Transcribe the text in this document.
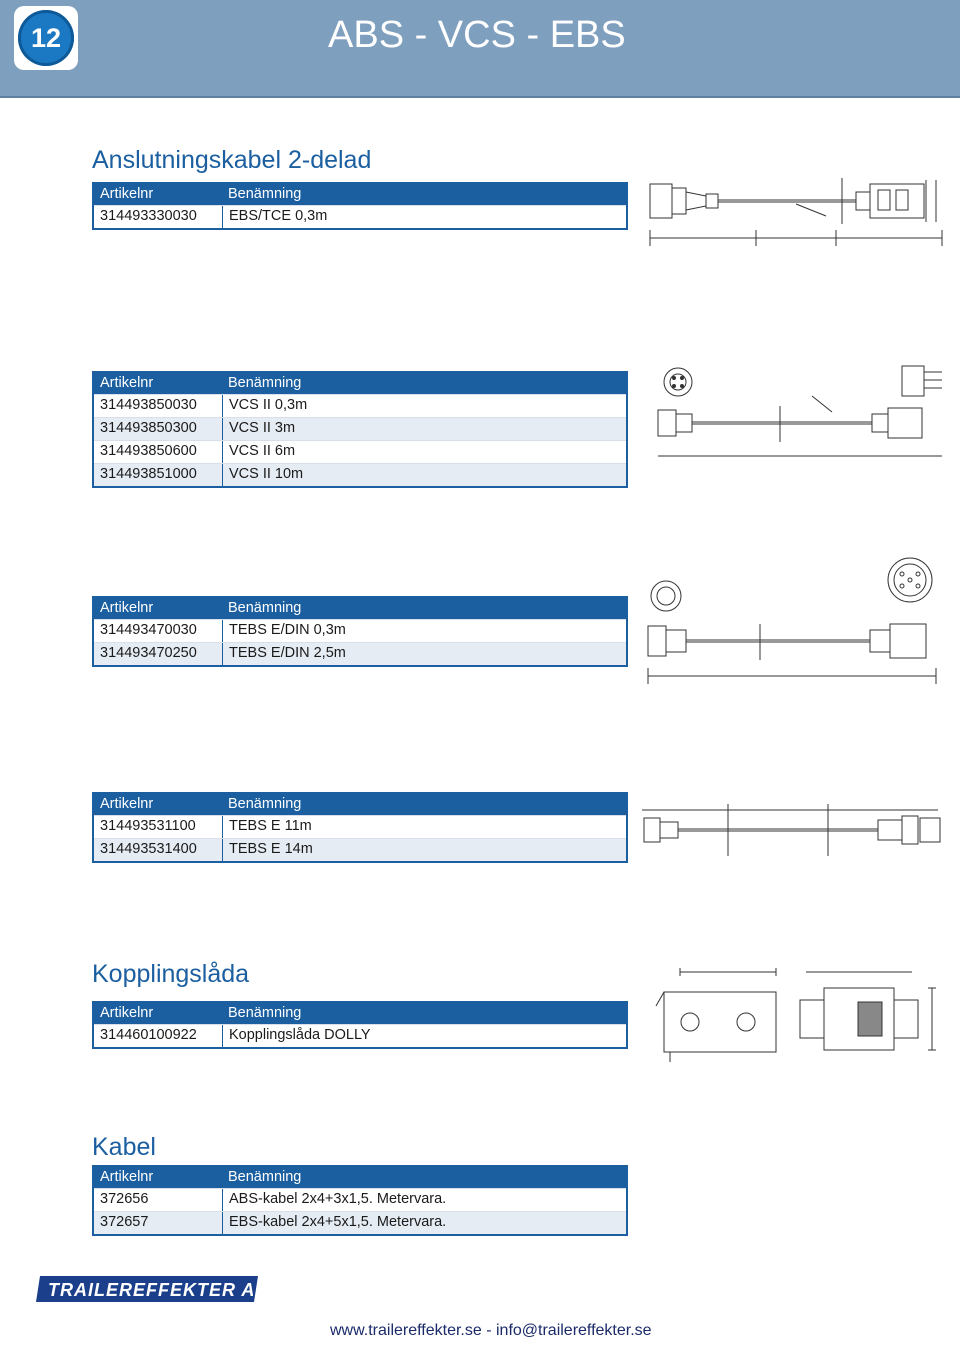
12	ABS - VCS - EBS
Anslutningskabel 2-delad
Artikelnr	Benämning
314493330030	EBS/TCE 0,3m
Artikelnr	Benämning
314493850030	VCS II 0,3m
314493850300	VCS II 3m
314493850600	VCS II 6m
314493851000	VCS II 10m
Artikelnr	Benämning
314493470030	TEBS E/DIN 0,3m
314493470250	TEBS E/DIN 2,5m
Artikelnr	Benämning
314493531100	TEBS E 11m
314493531400	TEBS E 14m
Kopplingslåda
Artikelnr	Benämning
314460100922	Kopplingslåda DOLLY
Kabel
Artikelnr	Benämning
372656	ABS-kabel 2x4+3x1,5. Metervara.
372657	EBS-kabel 2x4+5x1,5. Metervara.
TRAILEREFFEKTER AB
www.trailereffekter.se - info@trailereffekter.se
